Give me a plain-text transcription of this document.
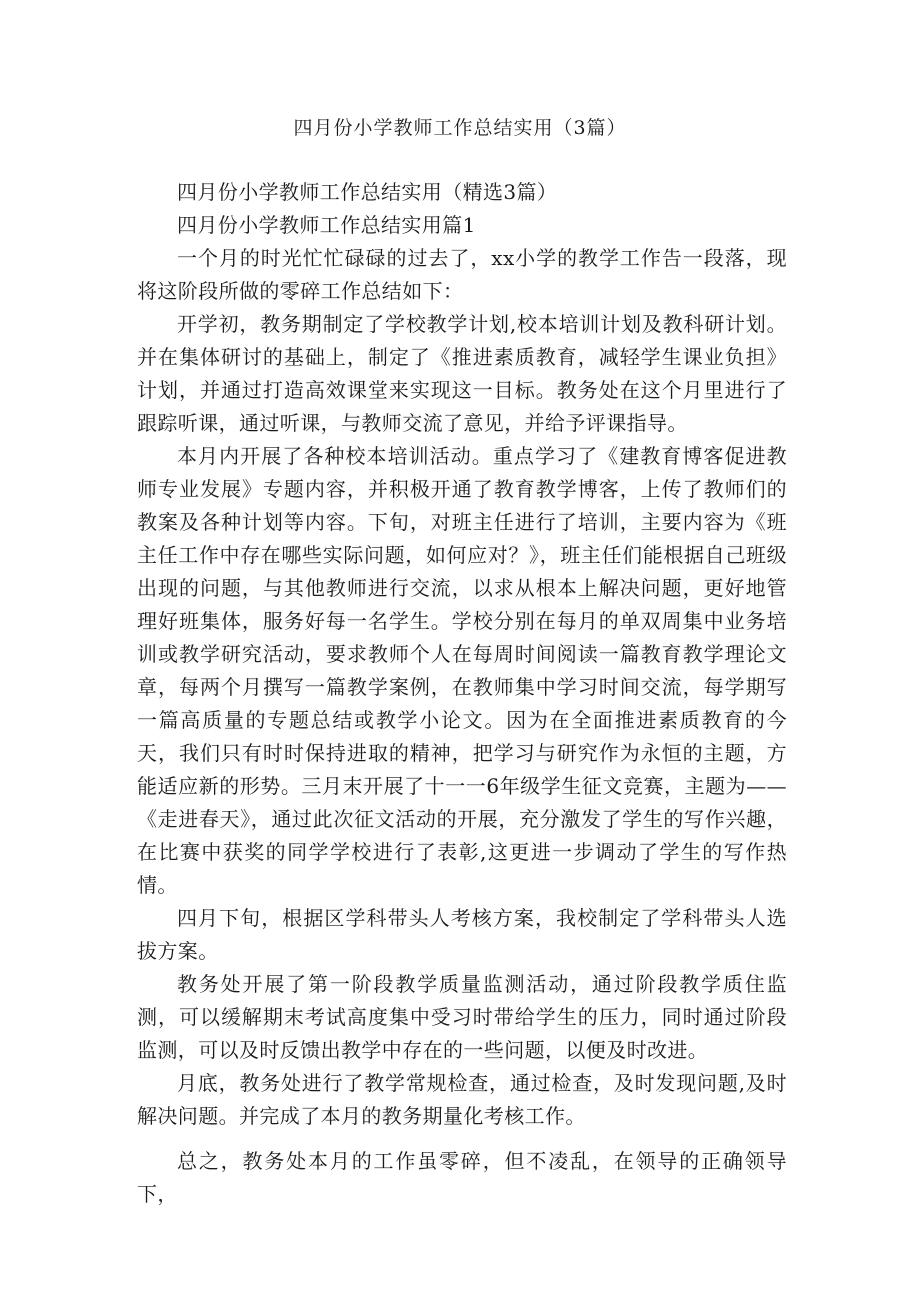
四月份小学教师工作总结实用（3篇）

四月份小学教师工作总结实用（精选3篇）

四月份小学教师工作总结实用篇1

一个月的时光忙忙碌碌的过去了，xx小学的教学工作告一段落，现将这阶段所做的零碎工作总结如下：

开学初，教务期制定了学校教学计划,校本培训计划及教科研计划。并在集体研讨的基础上，制定了《推进素质教育，减轻学生课业负担》计划，并通过打造高效课堂来实现这一目标。教务处在这个月里进行了跟踪听课，通过听课，与教师交流了意见，并给予评课指导。

本月内开展了各种校本培训活动。重点学习了《建教育博客促进教师专业发展》专题内容，并积极开通了教育教学博客，上传了教师们的教案及各种计划等内容。下旬，对班主任进行了培训，主要内容为《班主任工作中存在哪些实际问题，如何应对？》，班主任们能根据自己班级出现的问题，与其他教师进行交流，以求从根本上解决问题，更好地管理好班集体，服务好每一名学生。学校分别在每月的单双周集中业务培训或教学研究活动，要求教师个人在每周时间阅读一篇教育教学理论文章，每两个月撰写一篇教学案例，在教师集中学习时间交流，每学期写一篇高质量的专题总结或教学小论文。因为在全面推进素质教育的今天，我们只有时时保持进取的精神，把学习与研究作为永恒的主题，方能适应新的形势。三月末开展了十一一6年级学生征文竞赛，主题为——《走进春天》，通过此次征文活动的开展，充分激发了学生的写作兴趣，在比赛中获奖的同学学校进行了表彰,这更进一步调动了学生的写作热情。

四月下旬，根据区学科带头人考核方案，我校制定了学科带头人选拔方案。

教务处开展了第一阶段教学质量监测活动，通过阶段教学质住监测，可以缓解期末考试高度集中受习时带给学生的压力，同时通过阶段监测，可以及时反馈出教学中存在的一些问题，以便及时改进。

月底，教务处进行了教学常规检查，通过检查，及时发现问题,及时解决问题。并完成了本月的教务期量化考核工作。

总之，教务处本月的工作虽零碎，但不凌乱，在领导的正确领导下，
